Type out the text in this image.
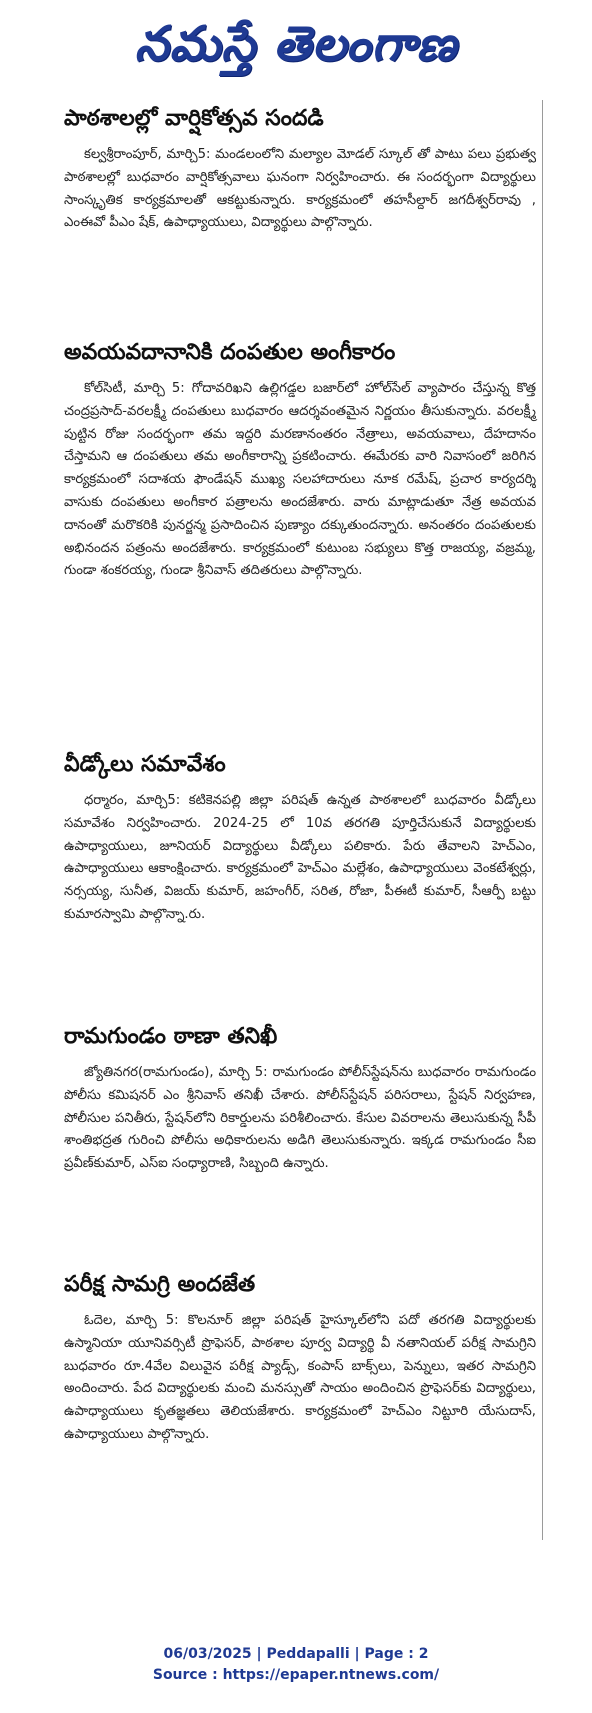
నమస్తే తెలంగాణ
పాఠశాలల్లో వార్షికోత్సవ సందడి

కల్వశ్రీరాంపూర్, మార్చి5: మండలంలోని మల్యాల మోడల్ స్కూల్ తో పాటు పలు ప్రభుత్వ పాఠశాలల్లో బుధవారం వార్షికోత్సవాలు ఘనంగా నిర్వహించారు. ఈ సందర్భంగా విద్యార్థులు సాంస్కృతిక కార్యక్రమాలతో ఆకట్టుకున్నారు. కార్యక్రమంలో తహసీల్దార్ జగదీశ్వర్‌రావు , ఎంఈవో పీఎం షేక్, ఉపాధ్యాయులు, విద్యార్థులు పాల్గొన్నారు.

అవయవదానానికి దంపతుల అంగీకారం

కోల్‌సిటీ, మార్చి 5: గోదావరిఖని ఉల్లిగడ్డల బజార్‌లో హోల్‌సేల్ వ్యాపారం చేస్తున్న కొత్త చంద్రప్రసాద్-వరలక్ష్మీ దంపతులు బుధవారం ఆదర్శవంతమైన నిర్ణయం తీసుకున్నారు. వరలక్ష్మీ పుట్టిన రోజు సందర్భంగా తమ ఇద్దరి మరణానంతరం నేత్రాలు, అవయవాలు, దేహదానం చేస్తామని ఆ దంపతులు తమ అంగీకారాన్ని ప్రకటించారు. ఈమేరకు వారి నివాసంలో జరిగిన కార్యక్రమంలో సదాశయ ఫౌండేషన్ ముఖ్య సలహాదారులు నూక రమేష్, ప్రచార కార్యదర్శి వాసుకు దంపతులు అంగీకార పత్రాలను అందజేశారు. వారు మాట్లాడుతూ నేత్ర అవయవ దానంతో మరొకరికి పునర్జన్మ ప్రసాదించిన పుణ్యాం దక్కుతుందన్నారు. అనంతరం దంపతులకు అభినందన పత్రంను అందజేశారు. కార్యక్రమంలో కుటుంబ సభ్యులు కొత్త రాజయ్య, వజ్రమ్మ, గుండా శంకరయ్య, గుండా శ్రీనివాస్ తదితరులు పాల్గొన్నారు.

వీడ్కోలు సమావేశం

ధర్మారం, మార్చి5: కటికెనపల్లి జిల్లా పరిషత్ ఉన్నత పాఠశాలలో బుధవారం వీడ్కోలు సమావేశం నిర్వహించారు. 2024-25 లో 10వ తరగతి పూర్తిచేసుకునే విద్యార్థులకు ఉపాధ్యాయులు, జూనియర్ విద్యార్థులు వీడ్కోలు పలికారు. పేరు తేవాలని హెచ్‌ఎం, ఉపాధ్యాయులు ఆకాంక్షించారు. కార్యక్రమంలో హెచ్‌ఎం మల్లేశం, ఉపాధ్యాయులు వెంకటేశ్వర్లు, నర్సయ్య, సునీత, విజయ్ కుమార్, జహంగీర్, సరిత, రోజా, పీఈటీ కుమార్, సీఆర్పీ బట్టు కుమారస్వామి పాల్గొన్నా.రు.

రామగుండం ఠాణా తనిఖీ

జ్యోతినగర(రామగుండం), మార్చి 5: రామగుండం పోలీస్‌స్టేషన్‌ను బుధవారం రామగుండం పోలీసు కమిషనర్ ఎం శ్రీనివాస్ తనిఖీ చేశారు. పోలీస్‌స్టేషన్ పరిసరాలు, స్టేషన్ నిర్వహణ, పోలీసుల పనితీరు, స్టేషన్‌లోని రికార్డులను పరిశీలించారు. కేసుల వివరాలను తెలుసుకున్న సీపీ శాంతిభద్రత గురించి పోలీసు అధికారులను అడిగి తెలుసుకున్నారు. ఇక్కడ రామగుండం సీఐ ప్రవీణ్‌కుమార్, ఎస్ఐ సంధ్యారాణి, సిబ్బంది ఉన్నారు.

పరీక్ష సామగ్రి అందజేత

ఓదెల, మార్చి 5: కొలనూర్ జిల్లా పరిషత్ హైస్కూల్‌లోని పదో తరగతి విద్యార్థులకు ఉస్మానియా యూనివర్సిటీ ప్రొఫెసర్, పాఠశాల పూర్వ విద్యార్థి వీ నతానియల్ పరీక్ష సామగ్రిని బుధవారం రూ.4వేల విలువైన పరీక్ష ప్యాడ్స్, కంపాస్ బాక్స్‌లు, పెన్నులు, ఇతర సామగ్రిని అందించారు. పేద విద్యార్థులకు మంచి మనస్సుతో సాయం అందించిన ప్రొఫెసర్‌కు విద్యార్థులు, ఉపాధ్యాయులు కృతజ్ఞతలు తెలియజేశారు. కార్యక్రమంలో హెచ్‌ఎం నిట్టూరి యేసుదాస్, ఉపాధ్యాయులు పాల్గొన్నారు.

06/03/2025 | Peddapalli | Page : 2
Source : https://epaper.ntnews.com/
